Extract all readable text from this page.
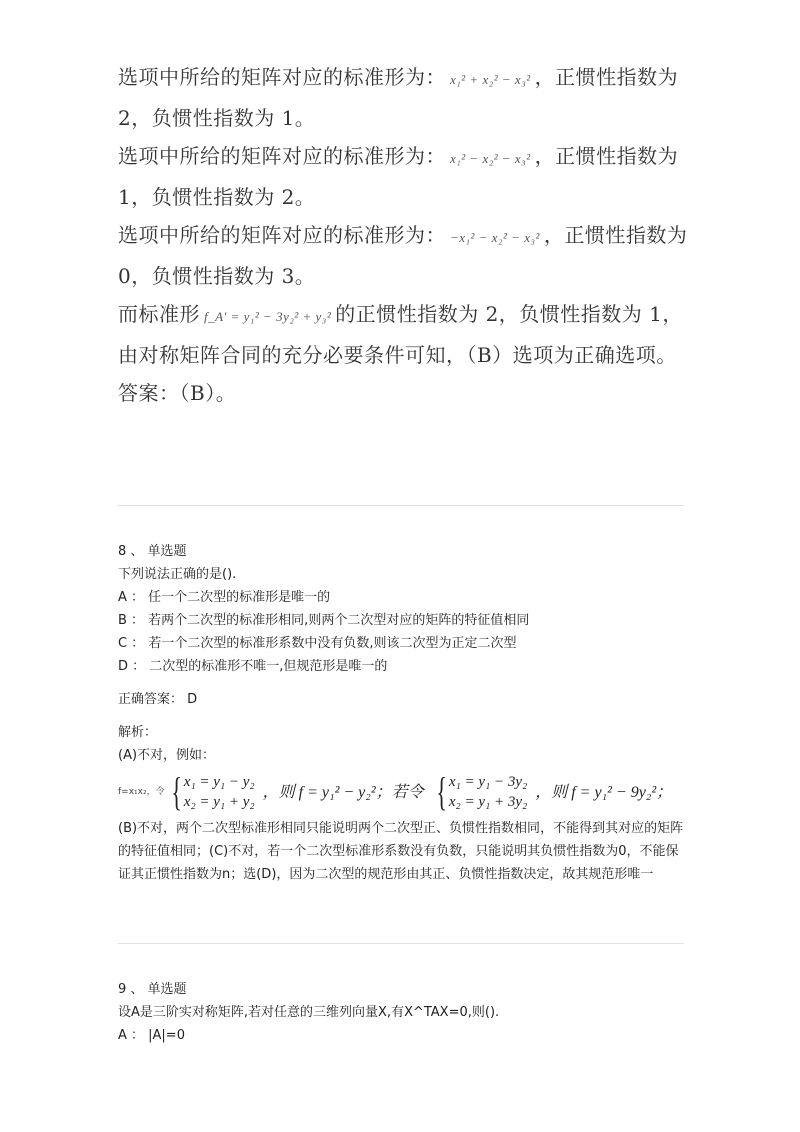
选项中所给的矩阵对应的标准形为： x₁² + x₂² − x₃² ，正惯性指数为 2，负惯性指数为 1。

选项中所给的矩阵对应的标准形为： x₁² − x₂² − x₃² ，正惯性指数为 1，负惯性指数为 2。

选项中所给的矩阵对应的标准形为： −x₁² − x₂² − x₃² ，正惯性指数为 0，负惯性指数为 3。

而标准形 f_A' = y₁² − 3y₂² + y₃² 的正惯性指数为 2，负惯性指数为 1，由对称矩阵合同的充分必要条件可知，（B）选项为正确选项。

答案：（B）。

8 、 单选题

下列说法正确的是().

A ： 任一个二次型的标准形是唯一的

B ： 若两个二次型的标准形相同,则两个二次型对应的矩阵的特征值相同

C ： 若一个二次型的标准形系数中没有负数,则该二次型为正定二次型

D ： 二次型的标准形不唯一,但规范形是唯一的

正确答案： D

解析：

(A)不对，例如：

f=x₁x₂，令 { x₁ = y₁ − y₂
x₂ = y₁ + y₂
，则 f = y₁² − y₂²；若令 { x₁ = y₁ − 3y₂
x₂ = y₁ + 3y₂
，则 f = y₁² − 9y₂²；

(B)不对，两个二次型标准形相同只能说明两个二次型正、负惯性指数相同，不能得到其对应的矩阵的特征值相同；(C)不对，若一个二次型标准形系数没有负数，只能说明其负惯性指数为0，不能保证其正惯性指数为n；选(D)，因为二次型的规范形由其正、负惯性指数决定，故其规范形唯一

9 、 单选题

设A是三阶实对称矩阵,若对任意的三维列向量X,有X^TAX=0,则().

A ： |A|=0
